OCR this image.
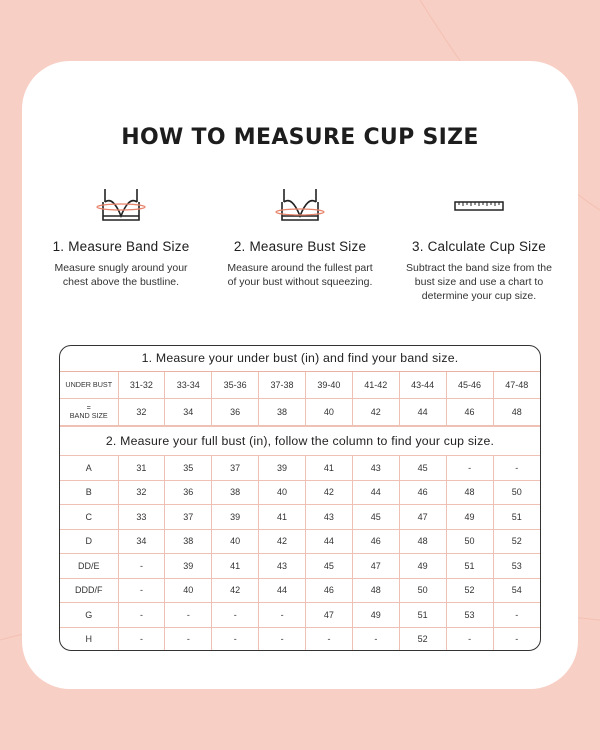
HOW TO MEASURE CUP SIZE
1. Measure Band Size
Measure snugly around your chest above the bustline.
2. Measure Bust Size
Measure around the fullest part of your bust without squeezing.
3. Calculate Cup Size
Subtract the band size from the bust size and use a chart to determine your cup size.
1. Measure your under bust (in) and find your band size.
UNDER BUST	31-32	33-34	35-36	37-38	39-40	41-42	43-44	45-46	47-48

=
BAND SIZE	32	34	36	38	40	42	44	46	48
2. Measure your full bust (in), follow the column to find your cup size.
A	31	35	37	39	41	43	45	-	-
B	32	36	38	40	42	44	46	48	50
C	33	37	39	41	43	45	47	49	51
D	34	38	40	42	44	46	48	50	52
DD/E	-	39	41	43	45	47	49	51	53
DDD/F	-	40	42	44	46	48	50	52	54
G	-	-	-	-	47	49	51	53	-
H	-	-	-	-	-	-	52	-	-
